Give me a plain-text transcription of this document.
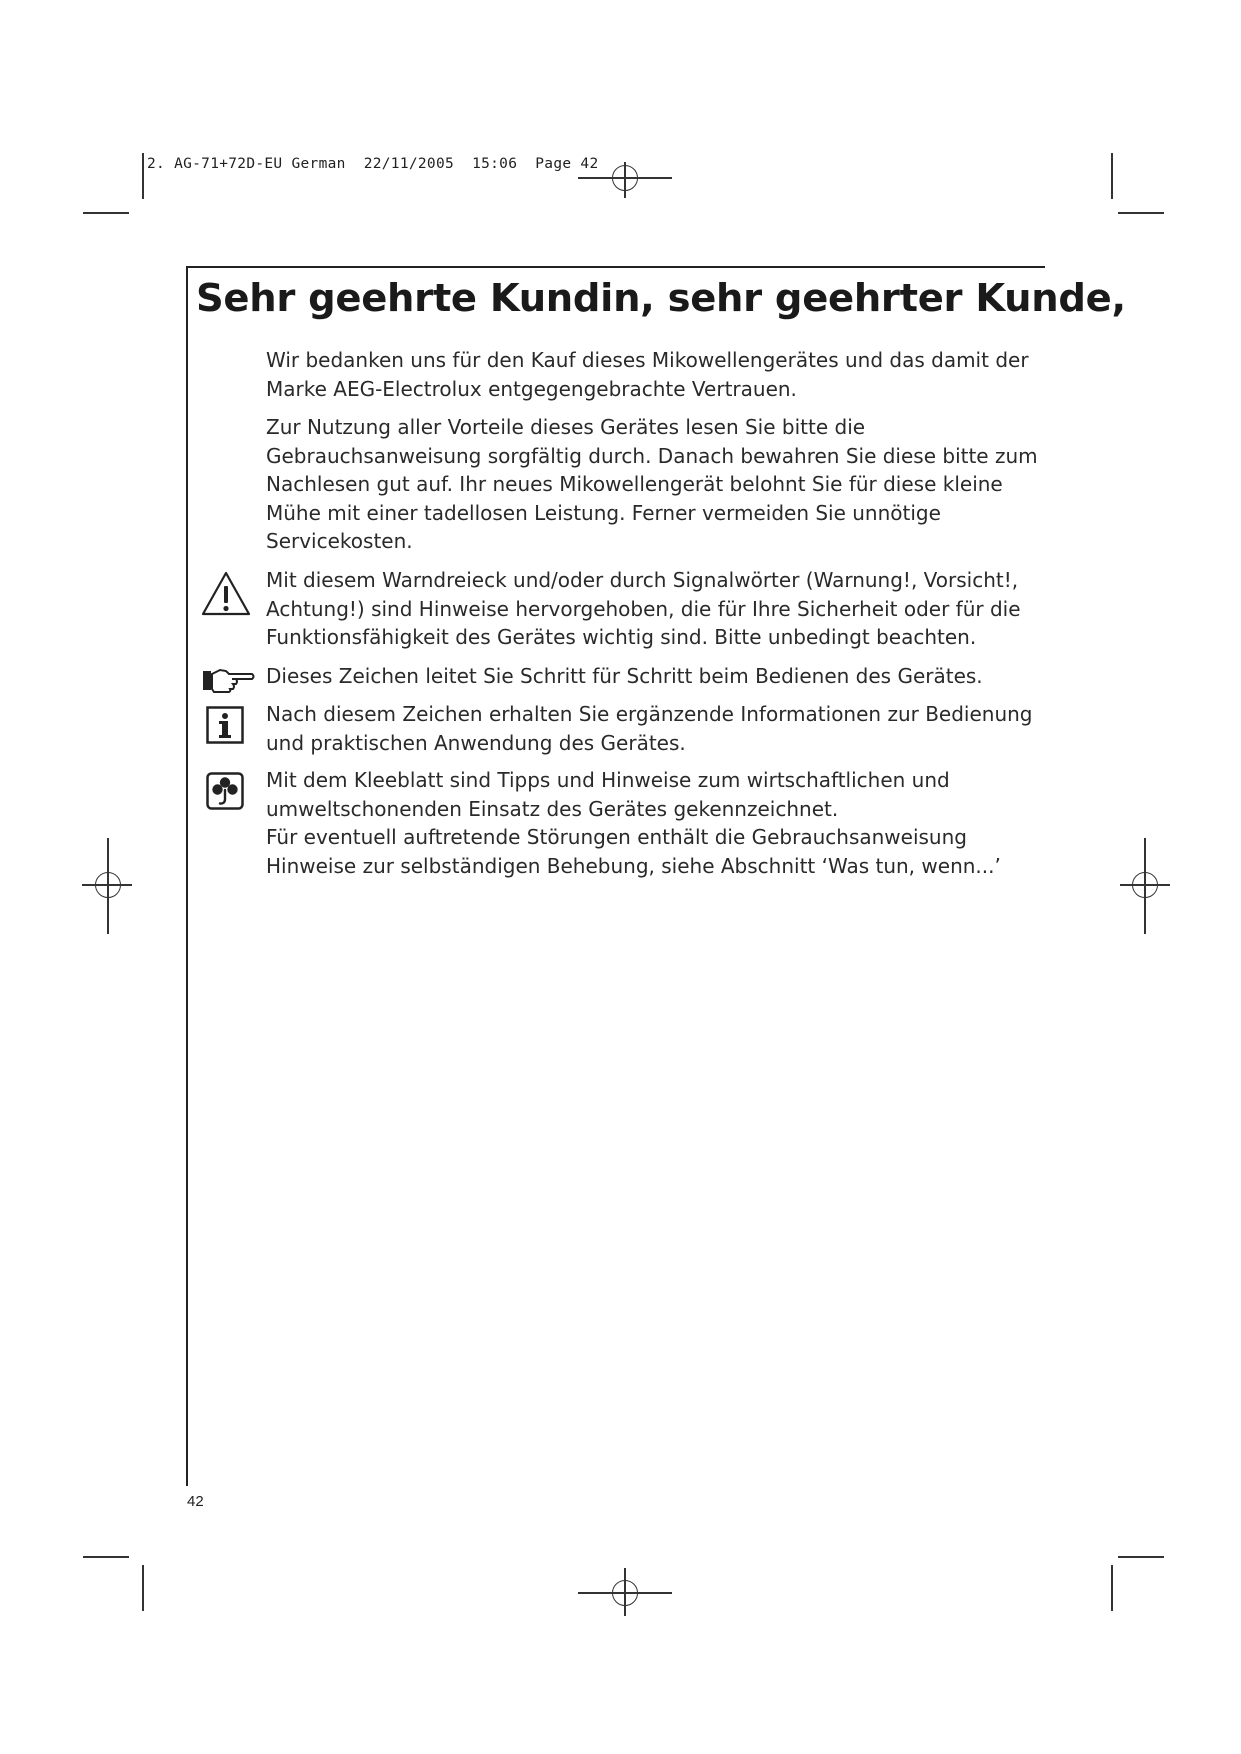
2. AG-71+72D-EU German  22/11/2005  15:06  Page 42
Sehr geehrte Kundin, sehr geehrter Kunde,

Wir bedanken uns für den Kauf dieses Mikowellengerätes und das damit der Marke AEG-Electrolux entgegengebrachte Vertrauen.

Zur Nutzung aller Vorteile dieses Gerätes lesen Sie bitte die Gebrauchsanweisung sorgfältig durch. Danach bewahren Sie diese bitte zum Nachlesen gut auf. Ihr neues Mikowellengerät belohnt Sie für diese kleine Mühe mit einer tadellosen Leistung. Ferner vermeiden Sie unnötige Servicekosten.

Mit diesem Warndreieck und/oder durch Signalwörter (Warnung!, Vorsicht!, Achtung!) sind Hinweise hervorgehoben, die für Ihre Sicherheit oder für die Funktionsfähigkeit des Gerätes wichtig sind. Bitte unbedingt beachten.

Dieses Zeichen leitet Sie Schritt für Schritt beim Bedienen des Gerätes.

Nach diesem Zeichen erhalten Sie ergänzende Informationen zur Bedienung und praktischen Anwendung des Gerätes.

Mit dem Kleeblatt sind Tipps und Hinweise zum wirtschaftlichen und umweltschonenden Einsatz des Gerätes gekennzeichnet.

Für eventuell auftretende Störungen enthält die Gebrauchsanweisung Hinweise zur selbständigen Behebung, siehe Abschnitt ‘Was tun, wenn...’

42
